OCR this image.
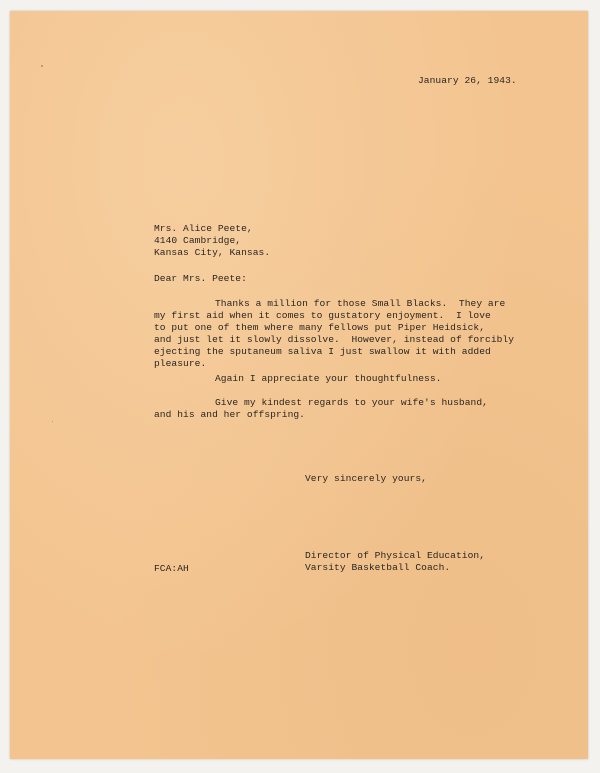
January 26, 1943.
Mrs. Alice Peete,
4140 Cambridge,
Kansas City, Kansas.
Dear Mrs. Peete:
Thanks a million for those Small Blacks.  They are
my first aid when it comes to gustatory enjoyment.  I love
to put one of them where many fellows put Piper Heidsick,
and just let it slowly dissolve.  However, instead of forcibly
ejecting the sputaneum saliva I just swallow it with added
pleasure.
Again I appreciate your thoughtfulness.
Give my kindest regards to your wife's husband,
and his and her offspring.
Very sincerely yours,
Director of Physical Education,
FCA:AH	Varsity Basketball Coach.
